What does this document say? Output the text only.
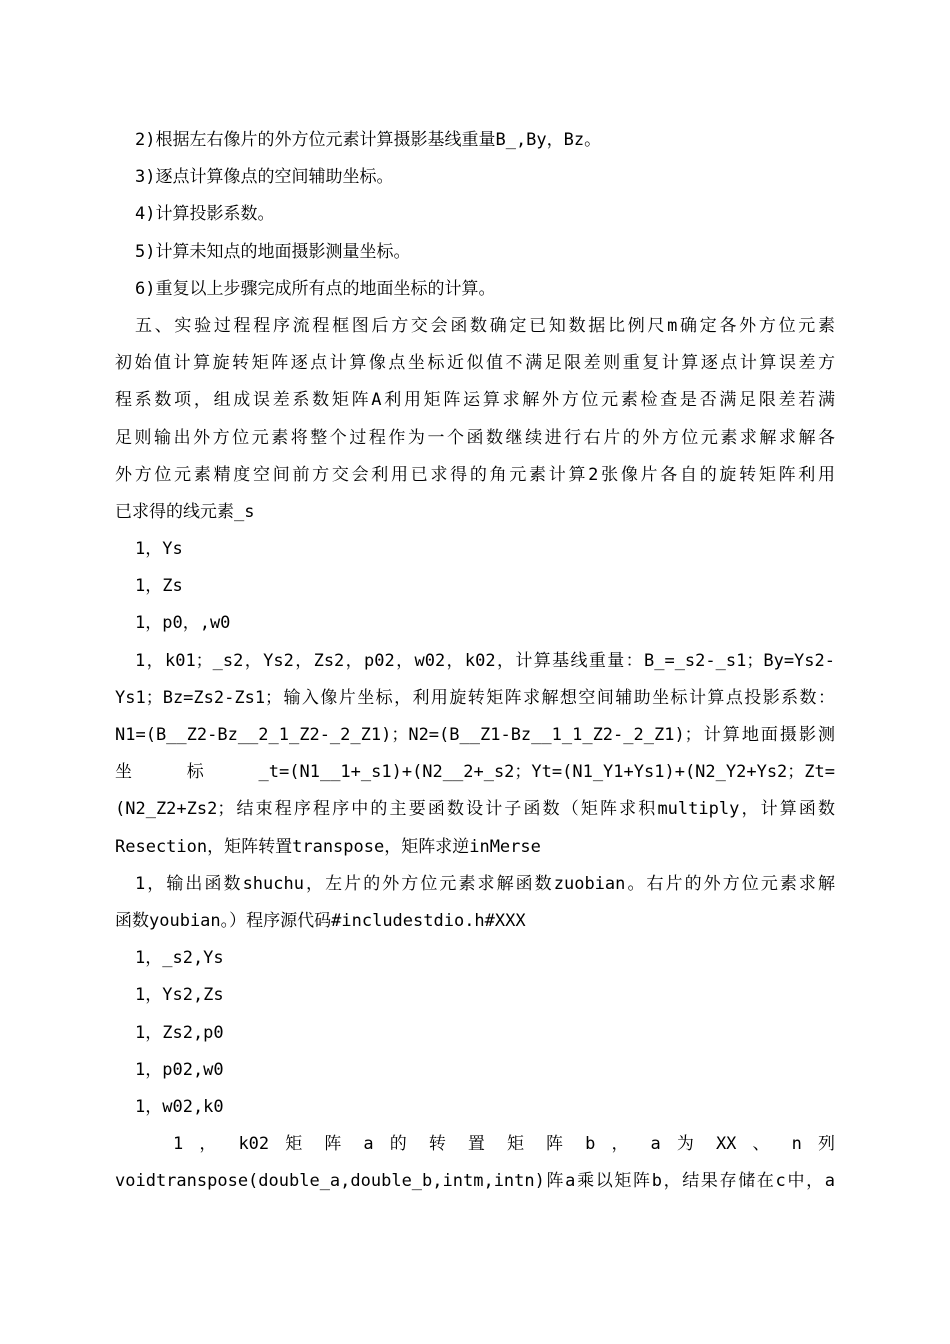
2)根据左右像片的外方位元素计算摄影基线重量B_,By，Bz。
3)逐点计算像点的空间辅助坐标。
4)计算投影系数。
5)计算未知点的地面摄影测量坐标。
6)重复以上步骤完成所有点的地面坐标的计算。
五、实验过程程序流程框图后方交会函数确定已知数据比例尺m确定各外方位元素
初始值计算旋转矩阵逐点计算像点坐标近似值不满足限差则重复计算逐点计算误差方
程系数项，组成误差系数矩阵A利用矩阵运算求解外方位元素检查是否满足限差若满
足则输出外方位元素将整个过程作为一个函数继续进行右片的外方位元素求解求解各
外方位元素精度空间前方交会利用已求得的角元素计算2张像片各自的旋转矩阵利用
已求得的线元素_s
1，Ys
1，Zs
1，p0，,w0
1，k01；_s2，Ys2，Zs2，p02，w02，k02，计算基线重量：B_=_s2-_s1；By=Ys2-
Ys1；Bz=Zs2-Zs1；输入像片坐标，利用旋转矩阵求解想空间辅助坐标计算点投影系数：
N1=(B__Z2-Bz__2_1_Z2-_2_Z1)；N2=(B__Z1-Bz__1_1_Z2-_2_Z1)；计算地面摄影测
坐标_t=(N1__1+_s1)+(N2__2+_s2；Yt=(N1_Y1+Ys1)+(N2_Y2+Ys2；Zt=
(N2_Z2+Zs2；结束程序程序中的主要函数设计子函数（矩阵求积multiply，计算函数
Resection，矩阵转置transpose，矩阵求逆inMerse
1，输出函数shuchu，左片的外方位元素求解函数zuobian。右片的外方位元素求解
函数youbian。）程序源代码#includestdio.h#XXX
1，_s2,Ys
1，Ys2,Zs
1，Zs2,p0
1，p02,w0
1，w02,k0
1 ， k02 矩 阵 a 的 转 置 矩 阵 b ， a 为 XX 、 n 列
voidtranspose(double_a,double_b,intm,intn)阵a乘以矩阵b，结果存储在c中，a
